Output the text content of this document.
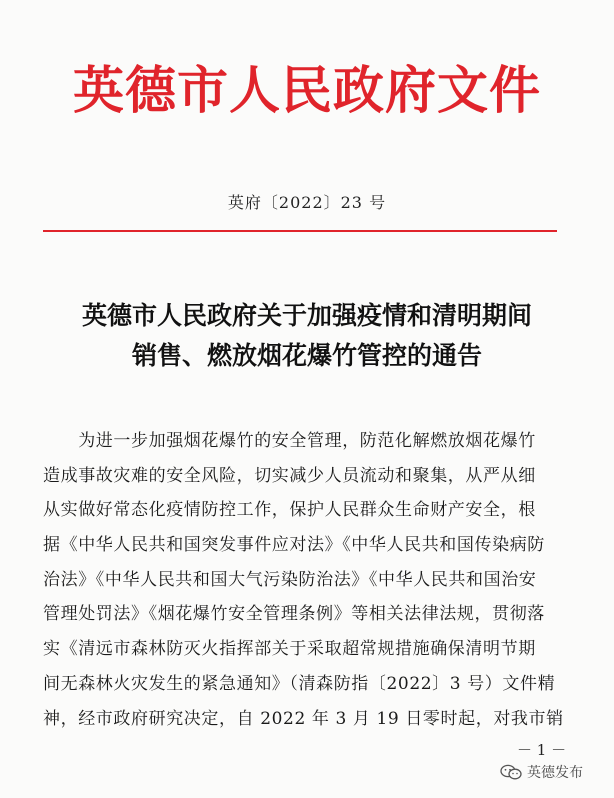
英德市人民政府文件
英府〔2022〕23 号
英德市人民政府关于加强疫情和清明期间
销售、燃放烟花爆竹管控的通告
　　为进一步加强烟花爆竹的安全管理，防范化解燃放烟花爆竹
造成事故灾难的安全风险，切实减少人员流动和聚集，从严从细
从实做好常态化疫情防控工作，保护人民群众生命财产安全，根
据《中华人民共和国突发事件应对法》《中华人民共和国传染病防
治法》《中华人民共和国大气污染防治法》《中华人民共和国治安
管理处罚法》《烟花爆竹安全管理条例》等相关法律法规，贯彻落
实《清远市森林防灭火指挥部关于采取超常规措施确保清明节期
间无森林火灾发生的紧急通知》（清森防指〔2022〕3 号）文件精
神，经市政府研究决定，自 2022 年 3 月 19 日零时起，对我市销
－ 1 －
英德发布
